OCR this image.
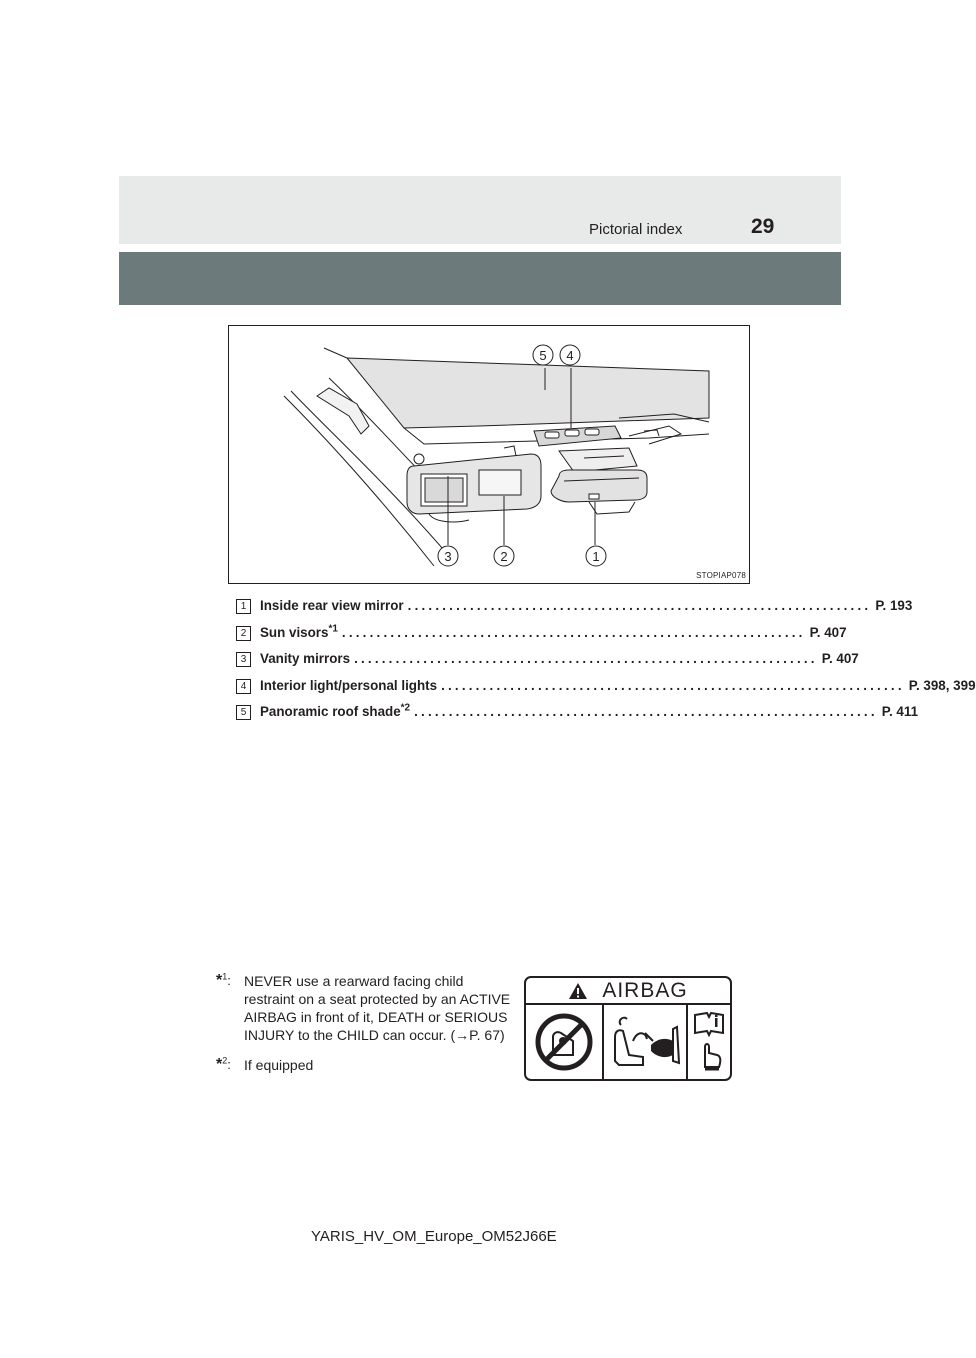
Pictorial index	29
5 4
3	2	1
STOPIAP078
1	Inside rear view mirror ................................................................... P. 193
2	Sun visors$^{*1}$ ................................................................... P. 407
3	Vanity mirrors ................................................................... P. 407
4	Interior light/personal lights ................................................................... P. 398, 399
5	Panoramic roof shade$^{*2}$ ................................................................... P. 411
*$^1$: NEVER use a rearward facing child restraint on a seat protected by an ACTIVE AIRBAG in front of it, DEATH or SERIOUS INJURY to the CHILD can occur. (→P. 67)
*$^2$: If equipped
AIRBAG
YARIS_HV_OM_Europe_OM52J66E
